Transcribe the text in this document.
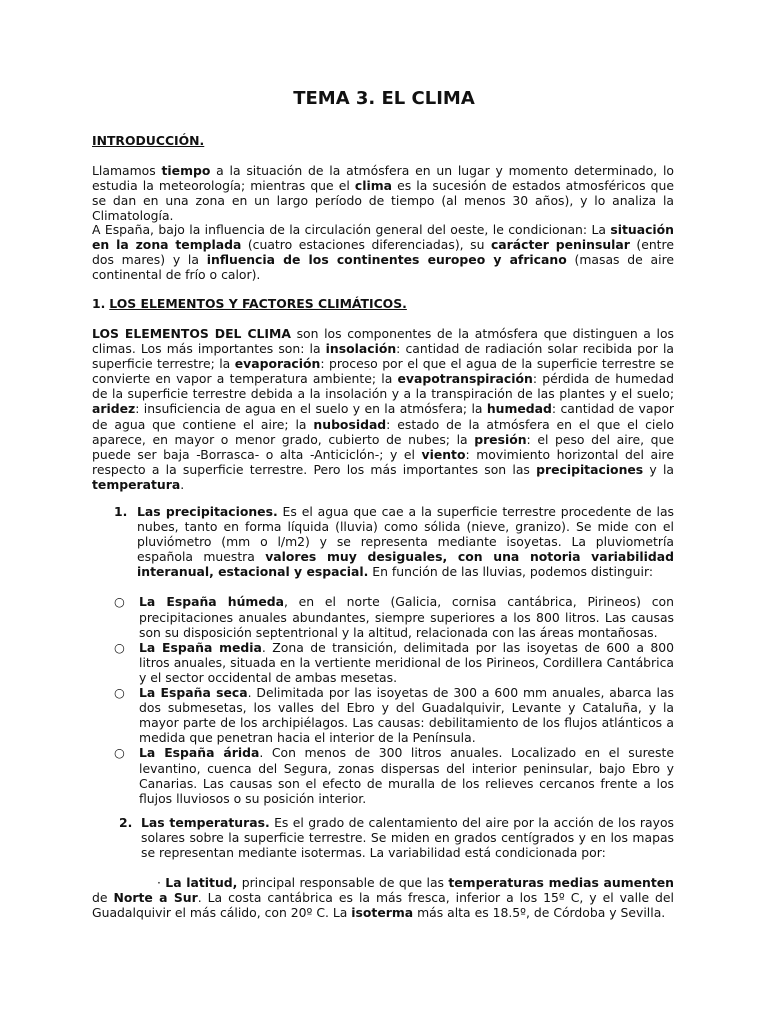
TEMA 3. EL CLIMA
INTRODUCCIÓN.

Llamamos tiempo a la situación de la atmósfera en un lugar y momento determinado, lo estudia la meteorología; mientras que el clima es la sucesión de estados atmosféricos que se dan en una zona en un largo período de tiempo (al menos 30 años), y lo analiza la Climatología.

A España, bajo la influencia de la circulación general del oeste, le condicionan: La situación en la zona templada (cuatro estaciones diferenciadas), su carácter peninsular (entre dos mares) y la influencia de los continentes europeo y africano (masas de aire continental de frío o calor).

1. LOS ELEMENTOS Y FACTORES CLIMÁTICOS.

LOS ELEMENTOS DEL CLIMA son los componentes de la atmósfera que distinguen a los climas. Los más importantes son: la insolación: cantidad de radiación solar recibida por la superficie terrestre; la evaporación: proceso por el que el agua de la superficie terrestre se convierte en vapor a temperatura ambiente; la evapotranspiración: pérdida de humedad de la superficie terrestre debida a la insolación y a la transpiración de las plantes y el suelo; aridez: insuficiencia de agua en el suelo y en la atmósfera; la humedad: cantidad de vapor de agua que contiene el aire; la nubosidad: estado de la atmósfera en el que el cielo aparece, en mayor o menor grado, cubierto de nubes; la presión: el peso del aire, que puede ser baja -Borrasca- o alta -Anticiclón-; y el viento: movimiento horizontal del aire respecto a la superficie terrestre. Pero los más importantes son las precipitaciones y la temperatura.

1. Las precipitaciones. Es el agua que cae a la superficie terrestre procedente de las nubes, tanto en forma líquida (lluvia) como sólida (nieve, granizo). Se mide con el pluviómetro (mm o l/m2) y se representa mediante isoyetas. La pluviometría española muestra valores muy desiguales, con una notoria variabilidad interanual, estacional y espacial. En función de las lluvias, podemos distinguir:

○ La España húmeda, en el norte (Galicia, cornisa cantábrica, Pirineos) con precipitaciones anuales abundantes, siempre superiores a los 800 litros. Las causas son su disposición septentrional y la altitud, relacionada con las áreas montañosas.
○ La España media. Zona de transición, delimitada por las isoyetas de 600 a 800 litros anuales, situada en la vertiente meridional de los Pirineos, Cordillera Cantábrica y el sector occidental de ambas mesetas.
○ La España seca. Delimitada por las isoyetas de 300 a 600 mm anuales, abarca las dos submesetas, los valles del Ebro y del Guadalquivir, Levante y Cataluña, y la mayor parte de los archipiélagos. Las causas: debilitamiento de los flujos atlánticos a medida que penetran hacia el interior de la Península.
○ La España árida. Con menos de 300 litros anuales. Localizado en el sureste levantino, cuenca del Segura, zonas dispersas del interior peninsular, bajo Ebro y Canarias. Las causas son el efecto de muralla de los relieves cercanos frente a los flujos lluviosos o su posición interior.
2. Las temperaturas. Es el grado de calentamiento del aire por la acción de los rayos solares sobre la superficie terrestre. Se miden en grados centígrados y en los mapas se representan mediante isotermas. La variabilidad está condicionada por:

· La latitud, principal responsable de que las temperaturas medias aumenten de Norte a Sur. La costa cantábrica es la más fresca, inferior a los 15º C, y el valle del Guadalquivir el más cálido, con 20º C. La isoterma más alta es 18.5º, de Córdoba y Sevilla.
